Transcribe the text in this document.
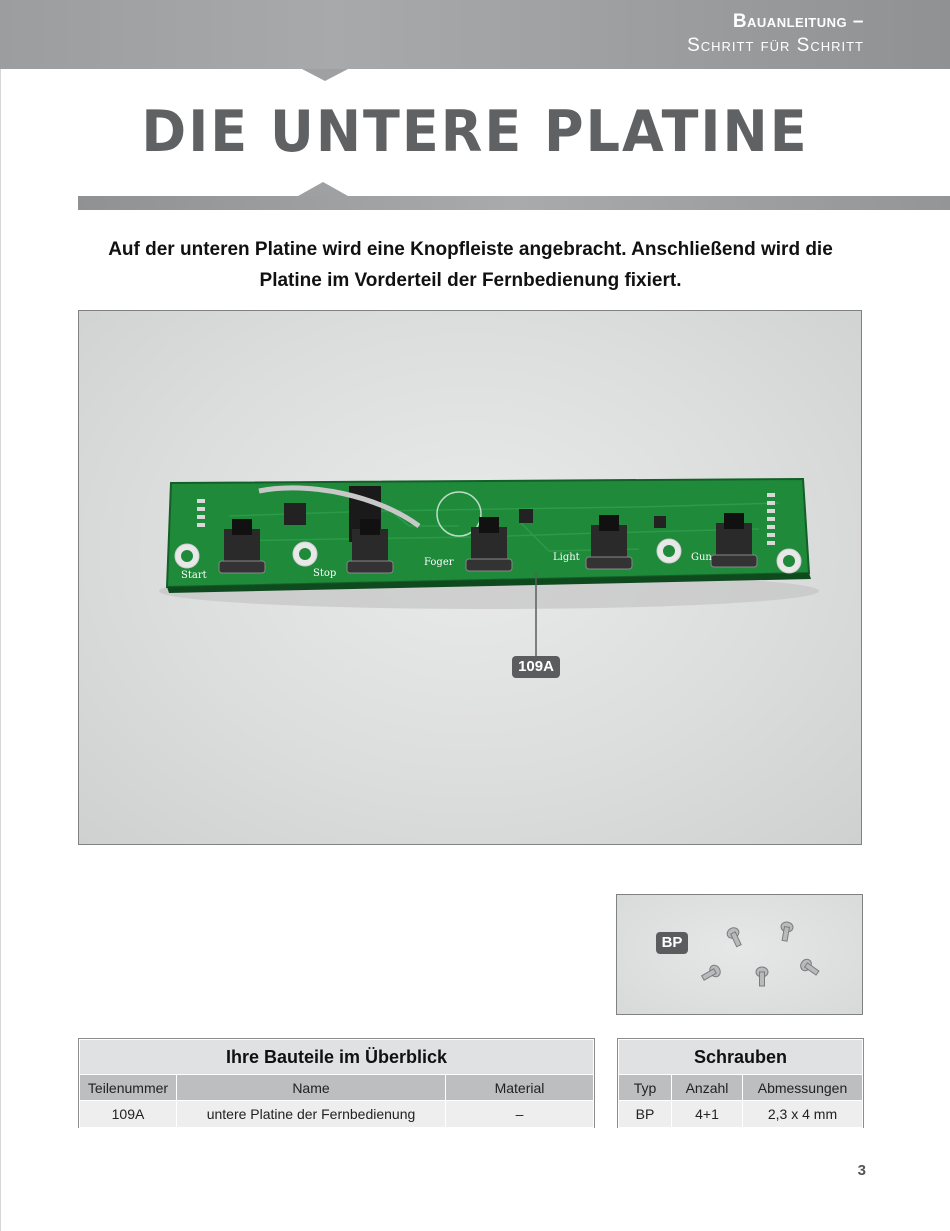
Bauanleitung –
Schritt für Schritt
DIE UNTERE PLATINE
Auf der unteren Platine wird eine Knopfleiste angebracht. Anschließend wird die
Platine im Vorderteil der Fernbedienung fixiert.
Start	Stop
Foger	Light	Gun
109A
BP
Ihre Bauteile im Überblick		
Teilenummer	Name	Material
109A	untere Platine der Fernbedienung	–
Schrauben		
Typ	Anzahl	Abmessungen
BP	4+1	2,3 x 4 mm
3
